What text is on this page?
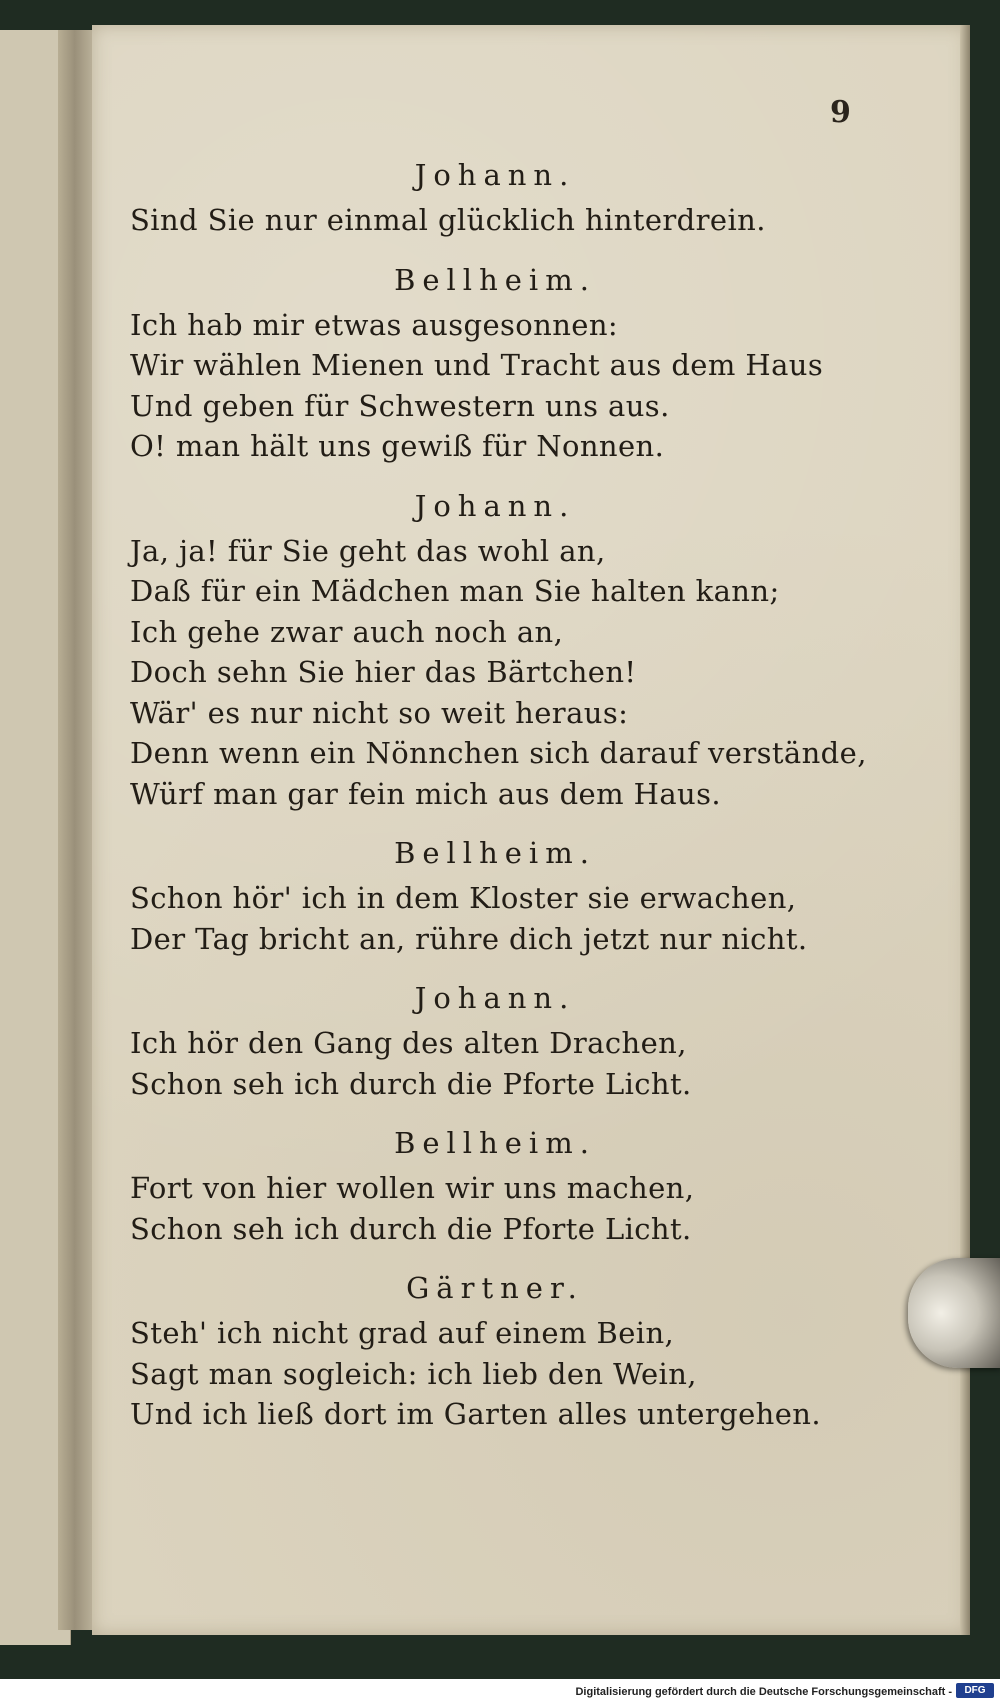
9
Johann.
Sind Sie nur einmal glücklich hinterdrein.
Bellheim.
Ich hab mir etwas ausgesonnen:
Wir wählen Mienen und Tracht aus dem Haus
Und geben für Schwestern uns aus.
O! man hält uns gewiß für Nonnen.
Johann.
Ja, ja! für Sie geht das wohl an,
Daß für ein Mädchen man Sie halten kann;
Ich gehe zwar auch noch an,
Doch sehn Sie hier das Bärtchen!
Wär' es nur nicht so weit heraus:
Denn wenn ein Nönnchen sich darauf verstände,
Würf man gar fein mich aus dem Haus.
Bellheim.
Schon hör' ich in dem Kloster sie erwachen,
Der Tag bricht an, rühre dich jetzt nur nicht.
Johann.
Ich hör den Gang des alten Drachen,
Schon seh ich durch die Pforte Licht.
Bellheim.
Fort von hier wollen wir uns machen,
Schon seh ich durch die Pforte Licht.
Gärtner.
Steh' ich nicht grad auf einem Bein,
Sagt man sogleich: ich lieb den Wein,
Und ich ließ dort im Garten alles untergehen.
Digitalisierung gefördert durch die Deutsche Forschungsgemeinschaft -	DFG
